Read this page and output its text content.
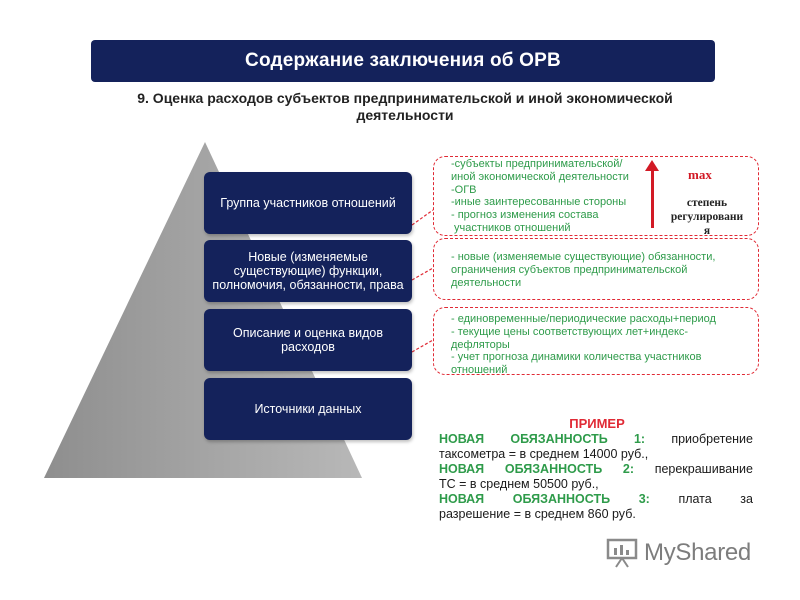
Содержание заключения об ОРВ
9. Оценка расходов субъектов предпринимательской и иной экономической
деятельности
Группа участников отношений
Новые (изменяемые существующие) функции, полномочия, обязанности, права
Описание и оценка видов расходов
Источники данных
-субъекты предпринимательской/
иной экономической деятельности
-ОГВ
-иные заинтересованные стороны
- прогноз изменения состава
участников отношений
- новые (изменяемые существующие) обязанности,
ограничения субъектов предпринимательской
деятельности
- единовременные/периодические расходы+период
- текущие цены соответствующих лет+индекс-
дефляторы
- учет прогноза динамики количества участников
отношений
max
степень
регулировани
я
ПРИМЕР
НОВАЯ ОБЯЗАННОСТЬ 1: приобретение
таксометра = в среднем 14000 руб.,
НОВАЯ ОБЯЗАННОСТЬ 2: перекрашивание
ТС = в среднем 50500 руб.,
НОВАЯ ОБЯЗАННОСТЬ 3: плата за
разрешение = в среднем 860 руб.
MyShared
